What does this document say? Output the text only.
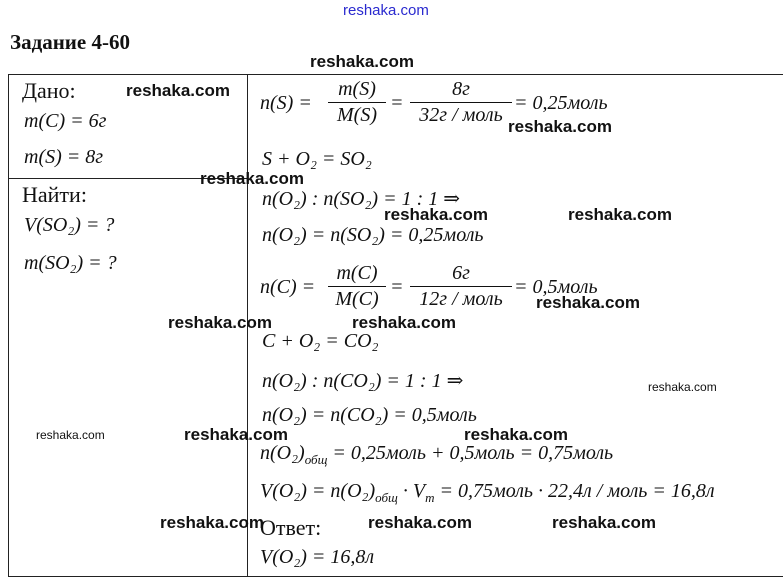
reshaka.com
Задание 4-60
Дано:
m(C) = 6г
m(S) = 8г
Найти:
V(SO₂) = ?
m(SO₂) = ?
n(S) =
m(S)
M(S)
=
8г
32г / моль
= 0,25моль
S + O₂ = SO₂
n(O₂) : n(SO₂) = 1 : 1 ⇒
n(O₂) = n(SO₂) = 0,25моль
n(C) =
m(C)
M(C)
=
6г
12г / моль
= 0,5моль
C + O₂ = CO₂
n(O₂) : n(CO₂) = 1 : 1 ⇒
n(O₂) = n(CO₂) = 0,5моль
$n(O_2)_{общ}$ = 0,25моль + 0,5моль = 0,75моль
$V(O_2) = n(O_2)_{общ} \cdot V_m$ = 0,75моль · 22,4л / моль = 16,8л
Ответ:
V(O₂) = 16,8л
reshaka.com
reshaka.com
reshaka.com
reshaka.com
reshaka.com	reshaka.com
reshaka.com
reshaka.com	reshaka.com
reshaka.com
reshaka.com	reshaka.com	reshaka.com
reshaka.com	reshaka.com	reshaka.com
